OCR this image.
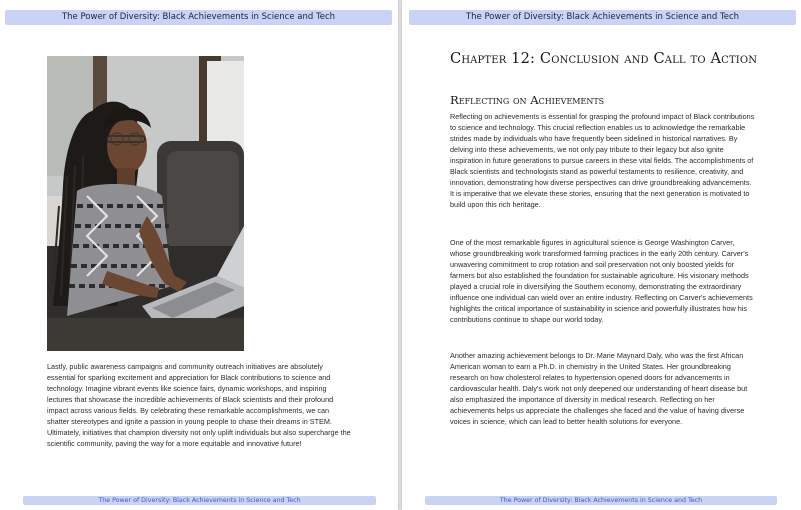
The Power of Diversity: Black Achievements in Science and Tech

Lastly, public awareness campaigns and community outreach initiatives are absolutely essential for sparking excitement and appreciation for Black contributions to science and technology. Imagine vibrant events like science fairs, dynamic workshops, and inspiring lectures that showcase the incredible achievements of Black scientists and their profound impact across various fields. By celebrating these remarkable accomplishments, we can shatter stereotypes and ignite a passion in young people to chase their dreams in STEM. Ultimately, initiatives that champion diversity not only uplift individuals but also supercharge the scientific community, paving the way for a more equitable and innovative future!

The Power of Diversity: Black Achievements in Science and Tech
The Power of Diversity: Black Achievements in Science and Tech
Chapter 12: Conclusion and Call to Action
Reflecting on Achievements

Reflecting on achievements is essential for grasping the profound impact of Black contributions to science and technology. This crucial reflection enables us to acknowledge the remarkable strides made by individuals who have frequently been sidelined in historical narratives. By delving into these achievements, we not only pay tribute to their legacy but also ignite inspiration in future generations to pursue careers in these vital fields. The accomplishments of Black scientists and technologists stand as powerful testaments to resilience, creativity, and innovation, demonstrating how diverse perspectives can drive groundbreaking advancements. It is imperative that we elevate these stories, ensuring that the next generation is motivated to build upon this rich heritage.

One of the most remarkable figures in agricultural science is George Washington Carver, whose groundbreaking work transformed farming practices in the early 20th century. Carver's unwavering commitment to crop rotation and soil preservation not only boosted yields for farmers but also established the foundation for sustainable agriculture. His visionary methods played a crucial role in diversifying the Southern economy, demonstrating the extraordinary influence one individual can wield over an entire industry. Reflecting on Carver's achievements highlights the critical importance of sustainability in science and powerfully illustrates how his contributions continue to shape our world today.

Another amazing achievement belongs to Dr. Marie Maynard Daly, who was the first African American woman to earn a Ph.D. in chemistry in the United States. Her groundbreaking research on how cholesterol relates to hypertension opened doors for advancements in cardiovascular health. Daly's work not only deepened our understanding of heart disease but also emphasized the importance of diversity in medical research. Reflecting on her achievements helps us appreciate the challenges she faced and the value of having diverse voices in science, which can lead to better health solutions for everyone.

The Power of Diversity: Black Achievements in Science and Tech
